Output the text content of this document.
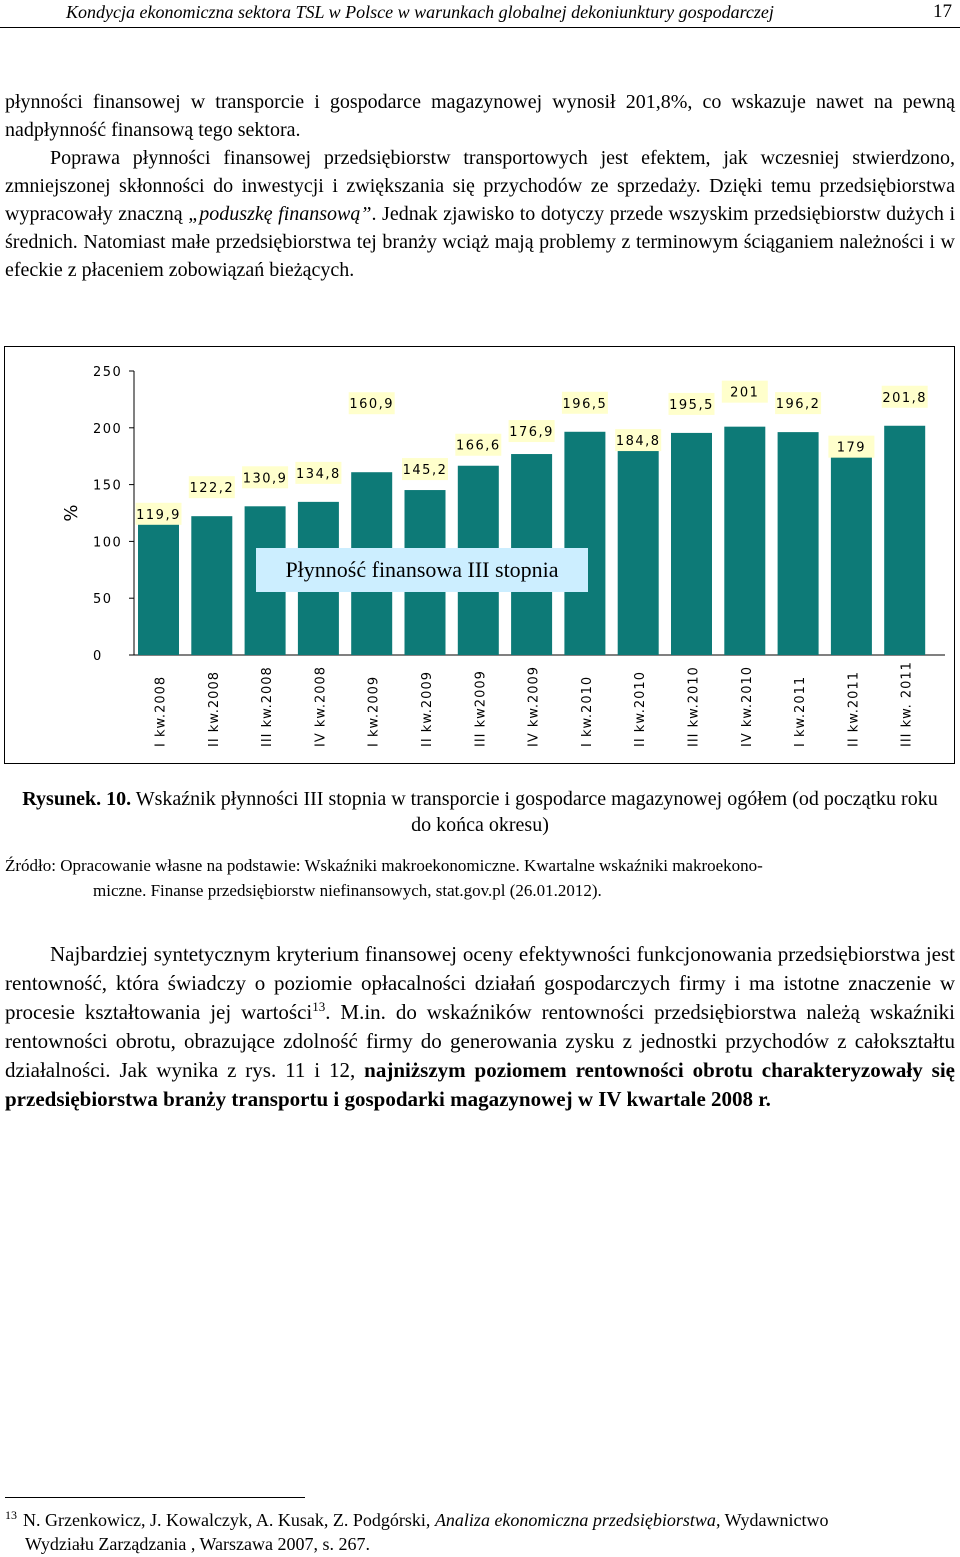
Kondycja ekonomiczna sektora TSL w Polsce w warunkach globalnej dekoniunktury gospodarczej	17

płynności finansowej w transporcie i gospodarce magazynowej wynosił 201,8%, co wskazuje nawet na pewną nadpłynność finansową tego sektora.

Poprawa płynności finansowej przedsiębiorstw transportowych jest efektem, jak wczesniej stwierdzono, zmniejszonej skłonności do inwestycji i zwiększania się przychodów ze sprzedaży. Dzięki temu przedsiębiorstwa wypracowały znaczną „poduszkę finansową”. Jednak zjawisko to dotyczy przede wszyskim przedsiębiorstw dużych i średnich. Natomiast małe przedsiębiorstwa tej branży wciąż mają problemy z terminowym ściąganiem należności i w efeckie z płaceniem zobowiązań bieżących.

0
50
100
150
200
250
%	119,9
I kw.2008
122,2
II kw.2008
130,9
III kw.2008
134,8
IV kw.2008
160,9
I kw.2009
145,2
II kw.2009
166,6
III kw2009
176,9
IV kw.2009
196,5
I kw.2010
184,8
II kw.2010
195,5
III kw.2010
201
IV kw.2010
196,2
I kw.2011
179
II kw.2011
201,8
III kw. 2011
Płynność finansowa III stopnia
Rysunek. 10. Wskaźnik płynności III stopnia w transporcie i gospodarce magazynowej ogółem (od początku roku do końca okresu)
Źródło: Opracowanie własne na podstawie: Wskaźniki makroekonomiczne. Kwartalne wskaźniki makroekono-
miczne. Finanse przedsiębiorstw niefinansowych, stat.gov.pl (26.01.2012).

Najbardziej syntetycznym kryterium finansowej oceny efektywności funkcjonowania przedsiębiorstwa jest rentowność, która świadczy o poziomie opłacalności działań gospodarczych firmy i ma istotne znaczenie w procesie kształtowania jej wartości$^{13}$. M.in. do wskaźników rentowności przedsiębiorstwa należą wskaźniki rentowności obrotu, obrazujące zdolność firmy do generowania zysku z jednostki przychodów z całokształtu działalności. Jak wynika z rys. 11 i 12, najniższym poziomem rentowności obrotu charakteryzowały się przedsiębiorstwa branży transportu i gospodarki magazynowej w IV kwartale 2008 r.

$^{13}$ N. Grzenkowicz, J. Kowalczyk, A. Kusak, Z. Podgórski, Analiza ekonomiczna przedsiębiorstwa, Wydawnictwo
Wydziału Zarządzania , Warszawa 2007, s. 267.
